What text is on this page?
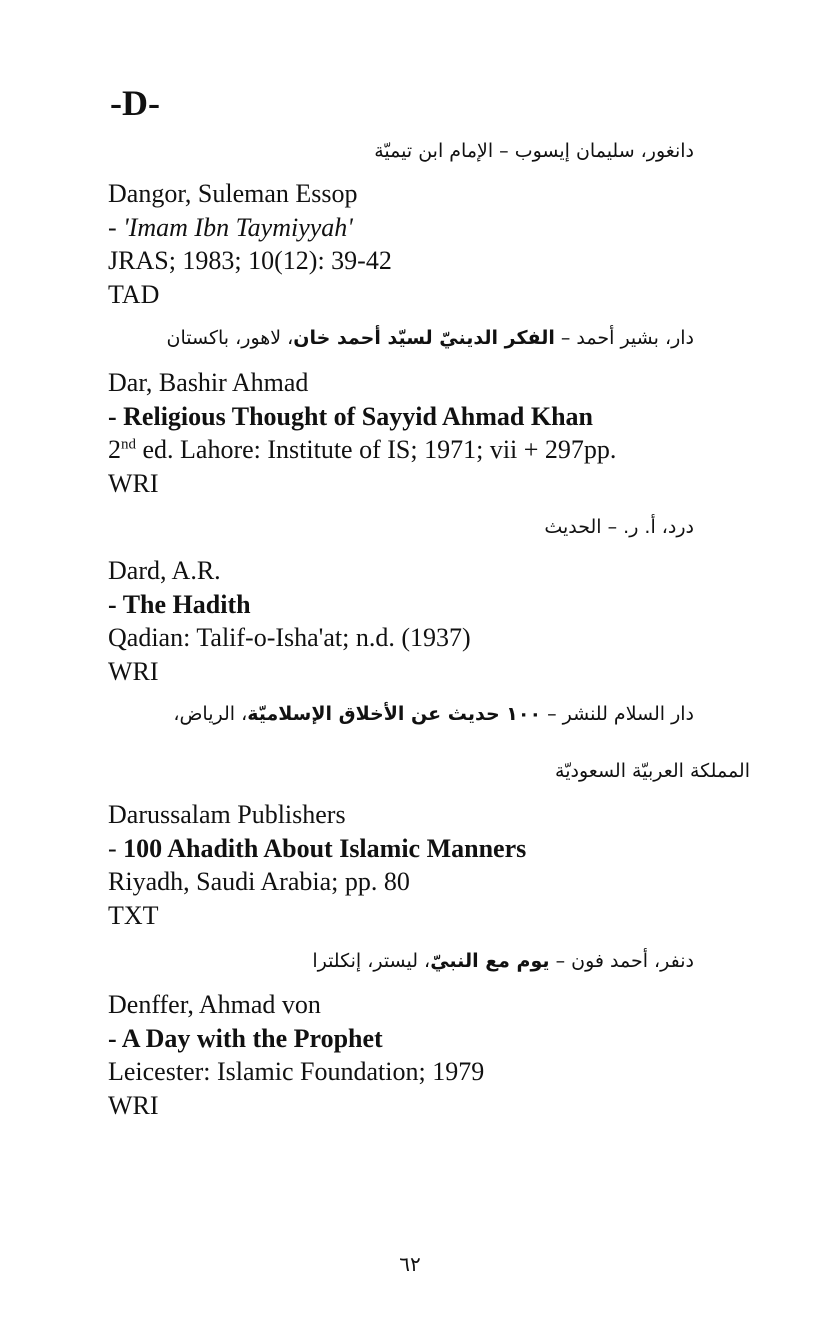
-D-
دانغور، سليمان إيسوب – الإمام ابن تيميّة
Dangor, Suleman Essop
- 'Imam Ibn Taymiyyah'
JRAS; 1983; 10(12): 39-42
TAD
دار، بشير أحمد – الفكر الدينيّ لسيّد أحمد خان، لاهور، باكستان
Dar, Bashir Ahmad
- Religious Thought of Sayyid Ahmad Khan
2nd ed. Lahore: Institute of IS; 1971; vii + 297pp.
WRI
درد، أ. ر. – الحديث
Dard, A.R.
- The Hadith
Qadian: Talif-o-Isha'at; n.d. (1937)
WRI
دار السلام للنشر – ١٠٠ حديث عن الأخلاق الإسلاميّة، الرياض،
المملكة العربيّة السعوديّة
Darussalam Publishers
- 100 Ahadith About Islamic Manners
Riyadh, Saudi Arabia; pp. 80
TXT
دنفر، أحمد فون – يوم مع النبيّ، ليستر، إنكلترا
Denffer, Ahmad von
- A Day with the Prophet
Leicester: Islamic Foundation; 1979
WRI
٦٢
